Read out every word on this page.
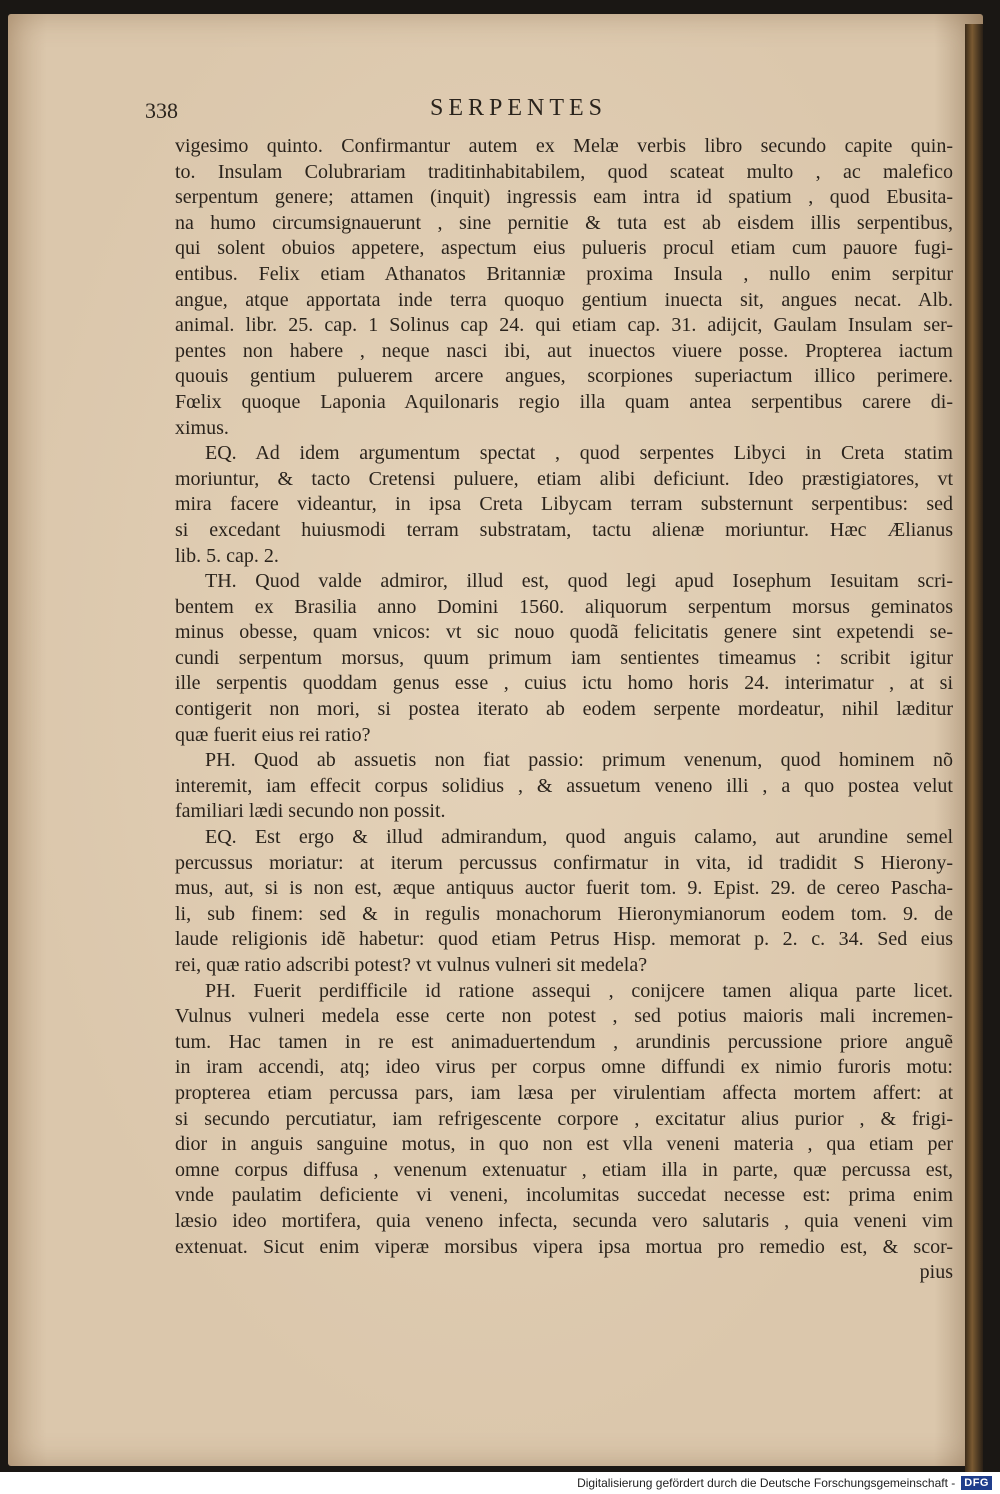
338	SERPENTES
vigesimo quinto. Confirmantur autem ex Melæ verbis libro secundo capite quin-
to. Insulam Colubrariam traditinhabitabilem, quod scateat multo , ac malefico
serpentum genere; attamen (inquit) ingressis eam intra id spatium , quod Ebusita-
na humo circumsignauerunt , sine pernitie & tuta est ab eisdem illis serpentibus,
qui solent obuios appetere, aspectum eius pulueris procul etiam cum pauore fugi-
entibus. Felix etiam Athanatos Britanniæ proxima Insula , nullo enim serpitur
angue, atque apportata inde terra quoquo gentium inuecta sit, angues necat. Alb.
animal. libr. 25. cap. 1 Solinus cap 24. qui etiam cap. 31. adijcit, Gaulam Insulam ser-
pentes non habere , neque nasci ibi, aut inuectos viuere posse. Propterea iactum
quouis gentium puluerem arcere angues, scorpiones superiactum illico perimere.
Fœlix quoque Laponia Aquilonaris regio illa quam antea serpentibus carere di-
ximus.
EQ. Ad idem argumentum spectat , quod serpentes Libyci in Creta statim
moriuntur, & tacto Cretensi puluere, etiam alibi deficiunt. Ideo præstigiatores, vt
mira facere videantur, in ipsa Creta Libycam terram substernunt serpentibus: sed
si excedant huiusmodi terram substratam, tactu alienæ moriuntur. Hæc Ælianus
lib. 5. cap. 2.
TH. Quod valde admiror, illud est, quod legi apud Iosephum Iesuitam scri-
bentem ex Brasilia anno Domini 1560. aliquorum serpentum morsus geminatos
minus obesse, quam vnicos: vt sic nouo quodã felicitatis genere sint expetendi se-
cundi serpentum morsus, quum primum iam sentientes timeamus : scribit igitur
ille serpentis quoddam genus esse , cuius ictu homo horis 24. interimatur , at si
contigerit non mori, si postea iterato ab eodem serpente mordeatur, nihil læditur
quæ fuerit eius rei ratio?
PH. Quod ab assuetis non fiat passio: primum venenum, quod hominem nõ
interemit, iam effecit corpus solidius , & assuetum veneno illi , a quo postea velut
familiari lædi secundo non possit.
EQ. Est ergo & illud admirandum, quod anguis calamo, aut arundine semel
percussus moriatur: at iterum percussus confirmatur in vita, id tradidit S Hierony-
mus, aut, si is non est, æque antiquus auctor fuerit tom. 9. Epist. 29. de cereo Pascha-
li, sub finem: sed & in regulis monachorum Hieronymianorum eodem tom. 9. de
laude religionis idẽ habetur: quod etiam Petrus Hisp. memorat p. 2. c. 34. Sed eius
rei, quæ ratio adscribi potest? vt vulnus vulneri sit medela?
PH. Fuerit perdifficile id ratione assequi , conijcere tamen aliqua parte licet.
Vulnus vulneri medela esse certe non potest , sed potius maioris mali incremen-
tum. Hac tamen in re est animaduertendum , arundinis percussione priore anguẽ
in iram accendi, atq; ideo virus per corpus omne diffundi ex nimio furoris motu:
propterea etiam percussa pars, iam læsa per virulentiam affecta mortem affert: at
si secundo percutiatur, iam refrigescente corpore , excitatur alius purior , & frigi-
dior in anguis sanguine motus, in quo non est vlla veneni materia , qua etiam per
omne corpus diffusa , venenum extenuatur , etiam illa in parte, quæ percussa est,
vnde paulatim deficiente vi veneni, incolumitas succedat necesse est: prima enim
læsio ideo mortifera, quia veneno infecta, secunda vero salutaris , quia veneni vim
extenuat. Sicut enim viperæ morsibus vipera ipsa mortua pro remedio est, & scor-
pius
Digitalisierung gefördert durch die Deutsche Forschungsgemeinschaft - DFG
